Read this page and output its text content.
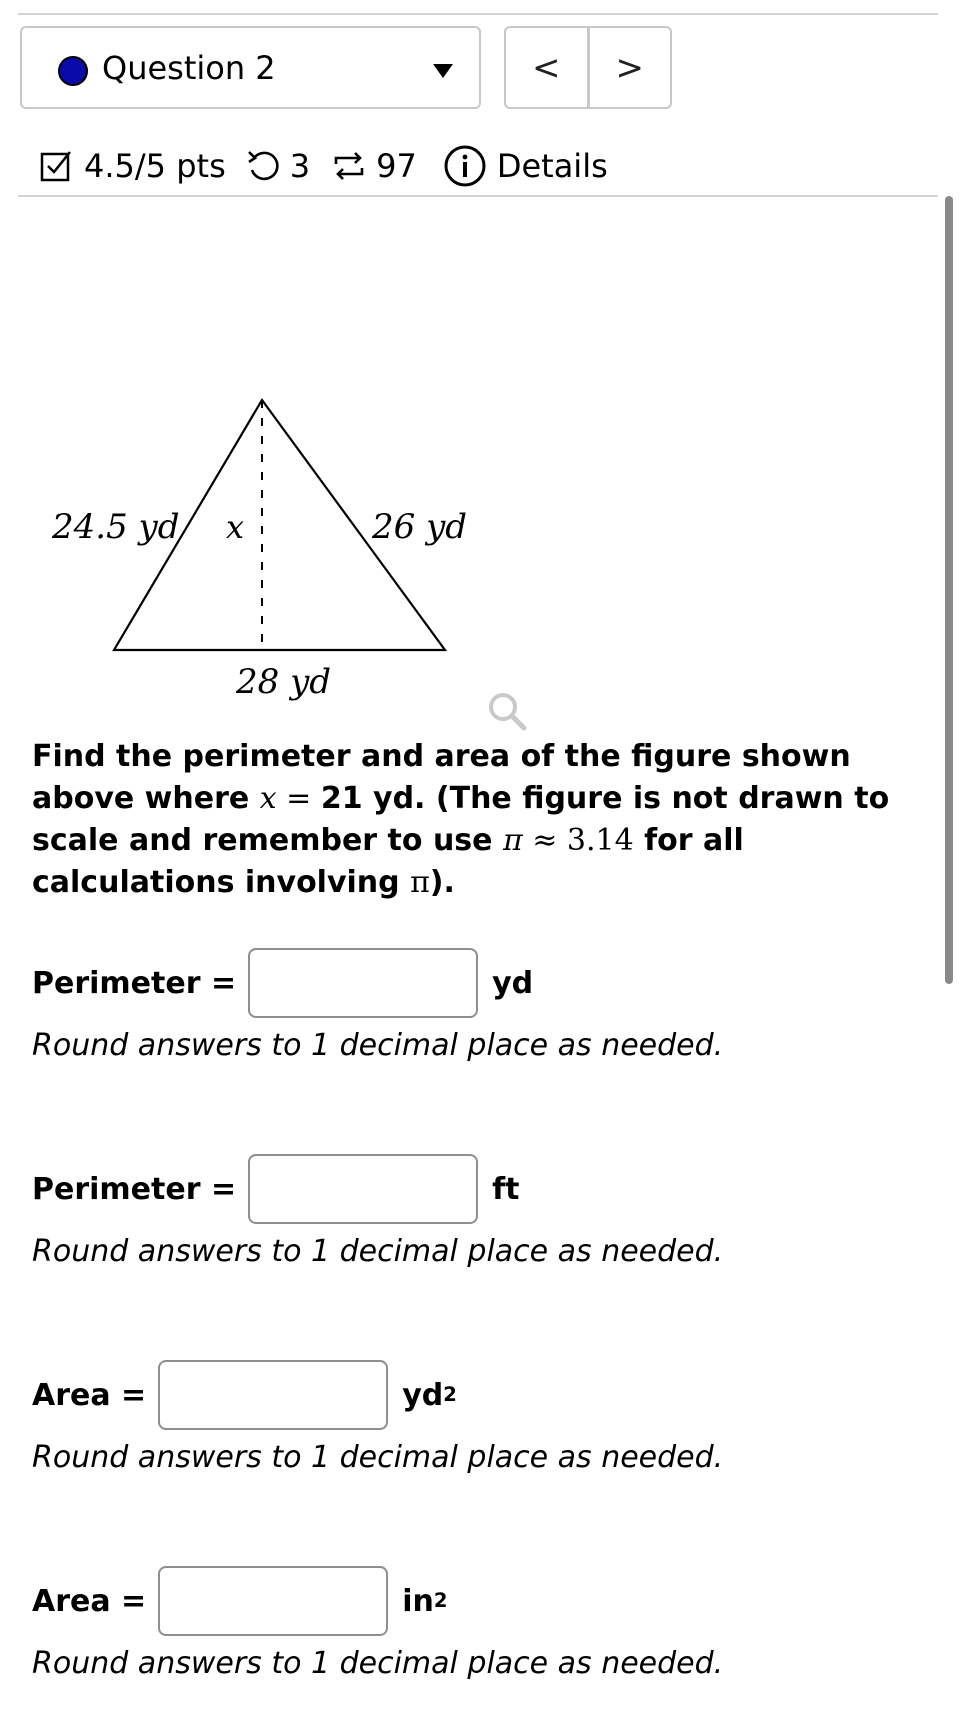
Question 2	<	>
4.5/5 pts 3 97	Details
24.5 yd x	26 yd
28 yd
Find the perimeter and area of the figure shown above where x = 21 yd. (The figure is not drawn to scale and remember to use π ≈ 3.14 for all calculations involving π).
Perimeter =	yd
Round answers to 1 decimal place as needed.
Perimeter =	ft
Round answers to 1 decimal place as needed.
Area =	yd 2
Round answers to 1 decimal place as needed.
Area =	in 2
Round answers to 1 decimal place as needed.
